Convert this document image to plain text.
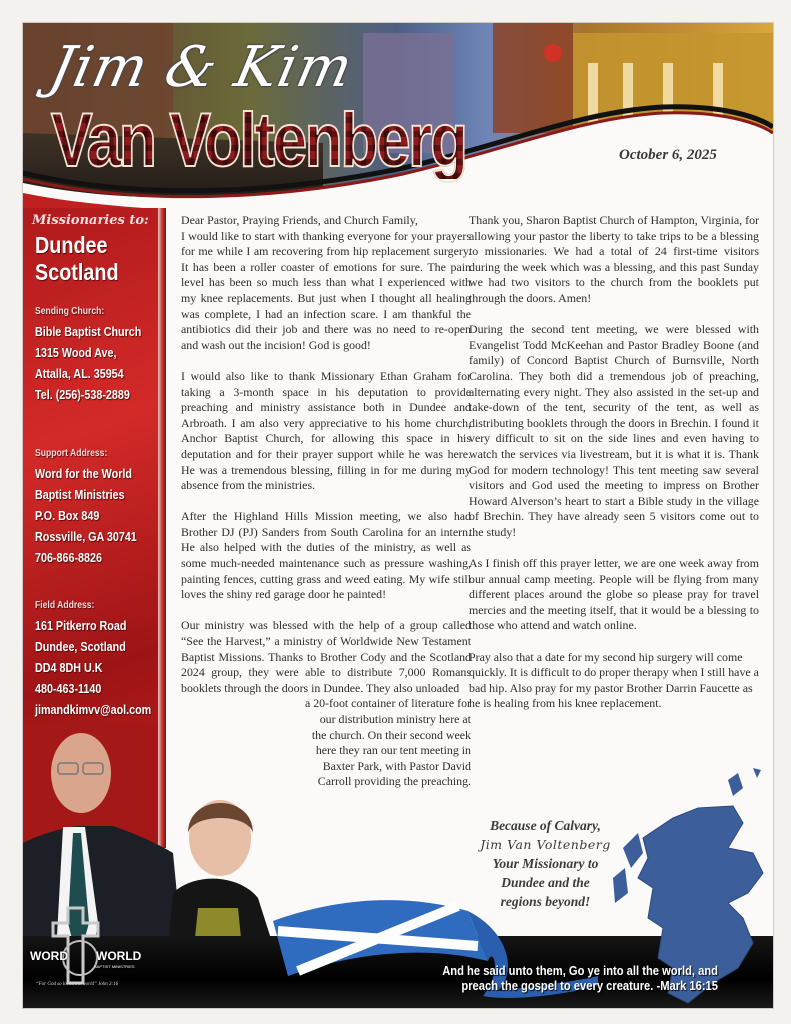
Jim & Kim
Van Voltenberg	October 6, 2025
Missionaries to:
Dundee
Scotland
Sending Church:
Bible Baptist Church
1315 Wood Ave,
Attalla, AL. 35954
Tel. (256)-538-2889
Support Address:
Word for the World
Baptist Ministries
P.O. Box 849
Rossville, GA 30741
706-866-8826
Field Address:
161 Pitkerro Road
Dundee, Scotland
DD4 8DH U.K
480-463-1140
jimandkimvv@aol.com
Dear Pastor, Praying Friends, and Church Family,

I would like to start with thanking everyone for your prayers for me while I am recovering from hip replacement surgery. It has been a roller coaster of emotions for sure. The pain level has been so much less than what I experienced with my knee replacements. But just when I thought all healing was complete, I had an infection scare. I am thankful the antibiotics did their job and there was no need to re-open and wash out the incision! God is good!

I would also like to thank Missionary Ethan Graham for taking a 3-month space in his deputation to provide preaching and ministry assistance both in Dundee and Arbroath. I am also very appreciative to his home church, Anchor Baptist Church, for allowing this space in his deputation and for their prayer support while he was here. He was a tremendous blessing, filling in for me during my absence from the ministries.

After the Highland Hills Mission meeting, we also had Brother DJ (PJ) Sanders from South Carolina for an intern. He also helped with the duties of the ministry, as well as some much-needed maintenance such as pressure washing, painting fences, cutting grass and weed eating. My wife still loves the shiny red garage door he painted!

Our ministry was blessed with the help of a group called “See the Harvest,” a ministry of Worldwide New Testament Baptist Missions. Thanks to Brother Cody and the Scotland 2024 group, they were able to distribute 7,000 Romans booklets through the doors in Dundee. They also unloaded
a 20-foot container of literature for
our distribution ministry here at
the church. On their second week
here they ran our tent meeting in
Baxter Park, with Pastor David
Carroll providing the preaching.

Thank you, Sharon Baptist Church of Hampton, Virginia, for allowing your pastor the liberty to take trips to be a blessing to missionaries. We had a total of 24 first-time visitors during the week which was a blessing, and this past Sunday we had two visitors to the church from the booklets put through the doors. Amen!

During the second tent meeting, we were blessed with Evangelist Todd McKeehan and Pastor Bradley Boone (and family) of Concord Baptist Church of Burnsville, North Carolina. They both did a tremendous job of preaching, alternating every night. They also assisted in the set-up and take-down of the tent, security of the tent, as well as distributing booklets through the doors in Brechin. I found it very difficult to sit on the side lines and even having to watch the services via livestream, but it is what it is. Thank God for modern technology! This tent meeting saw several visitors and God used the meeting to impress on Brother Howard Alverson’s heart to start a Bible study in the village of Brechin. They have already seen 5 visitors come out to the study!

As I finish off this prayer letter, we are one week away from our annual camp meeting. People will be flying from many different places around the globe so please pray for travel mercies and the meeting itself, that it would be a blessing to those who attend and watch online.

Pray also that a date for my second hip surgery will come quickly. It is difficult to do proper therapy when I still have a bad hip. Also pray for my pastor Brother Darrin Faucette as he is healing from his knee replacement.

Because of Calvary,
Jim Van Voltenberg
Your Missionary to
Dundee and the
regions beyond!
And he said unto them, Go ye into all the world, and
preach the gospel to every creature. -Mark 16:15
WORD WORLD
BAPTIST MINISTRIES
“For God so loved the world” John 3:16
